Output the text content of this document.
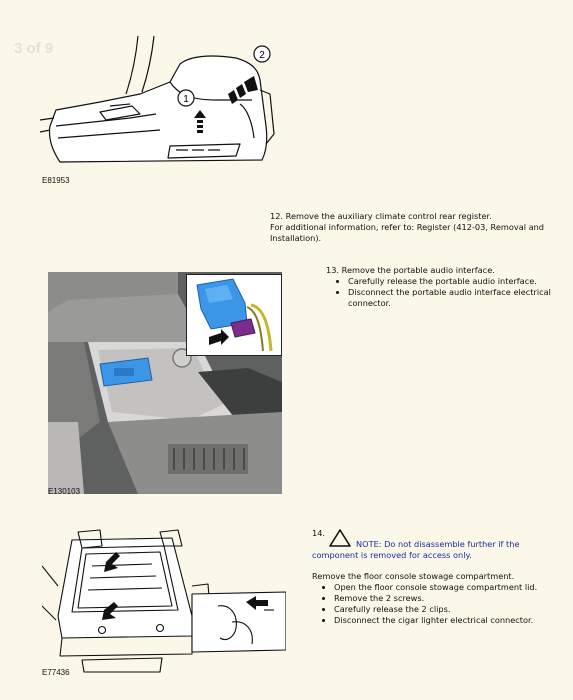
3 of 9
1
2
E81953
12. Remove the auxiliary climate control rear register.
For additional information, refer to: Register (412-03, Removal and Installation).
E130103
13. Remove the portable audio interface.
• Carefully release the portable audio interface.
• Disconnect the portable audio interface electrical connector.
E77436
14.
NOTE: Do not disassemble further if the component is removed for access only.
Remove the floor console stowage compartment.
• Open the floor console stowage compartment lid.
• Remove the 2 screws.
• Carefully release the 2 clips.
• Disconnect the cigar lighter electrical connector.
